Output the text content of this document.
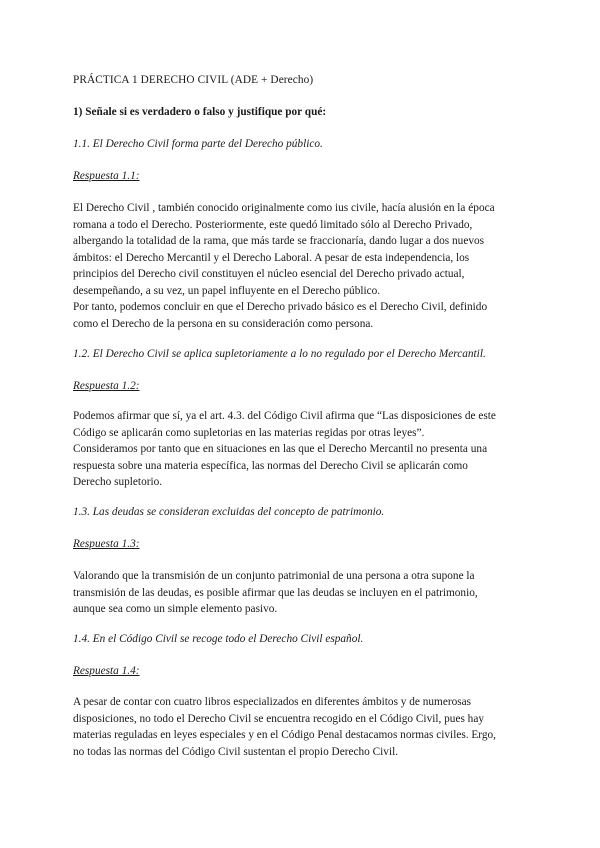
PRÁCTICA 1 DERECHO CIVIL (ADE + Derecho)
1) Señale si es verdadero o falso y justifique por qué:
1.1. El Derecho Civil forma parte del Derecho público.
Respuesta 1.1:

El Derecho Civil , también conocido originalmente como ius civile, hacía alusión en la época
romana a todo el Derecho. Posteriormente, este quedó limitado sólo al Derecho Privado,
albergando la totalidad de la rama, que más tarde se fraccionaría, dando lugar a dos nuevos
ámbitos: el Derecho Mercantil y el Derecho Laboral. A pesar de esta independencia, los
principios del Derecho civil constituyen el núcleo esencial del Derecho privado actual,
desempeñando, a su vez, un papel influyente en el Derecho público.

Por tanto, podemos concluir en que el Derecho privado básico es el Derecho Civil, definido
como el Derecho de la persona en su consideración como persona.

1.2. El Derecho Civil se aplica supletoriamente a lo no regulado por el Derecho Mercantil.
Respuesta 1.2:

Podemos afirmar que sí, ya el art. 4.3. del Código Civil afirma que “Las disposiciones de este
Código se aplicarán como supletorias en las materias regidas por otras leyes”.

Consideramos por tanto que en situaciones en las que el Derecho Mercantil no presenta una
respuesta sobre una materia específica, las normas del Derecho Civil se aplicarán como
Derecho supletorio.

1.3. Las deudas se consideran excluidas del concepto de patrimonio.
Respuesta 1.3:

Valorando que la transmisión de un conjunto patrimonial de una persona a otra supone la
transmisión de las deudas, es posible afirmar que las deudas se incluyen en el patrimonio,
aunque sea como un simple elemento pasivo.

1.4. En el Código Civil se recoge todo el Derecho Civil español.
Respuesta 1.4:

A pesar de contar con cuatro libros especializados en diferentes ámbitos y de numerosas
disposiciones, no todo el Derecho Civil se encuentra recogido en el Código Civil, pues hay
materias reguladas en leyes especiales y en el Código Penal destacamos normas civiles. Ergo,
no todas las normas del Código Civil sustentan el propio Derecho Civil.
